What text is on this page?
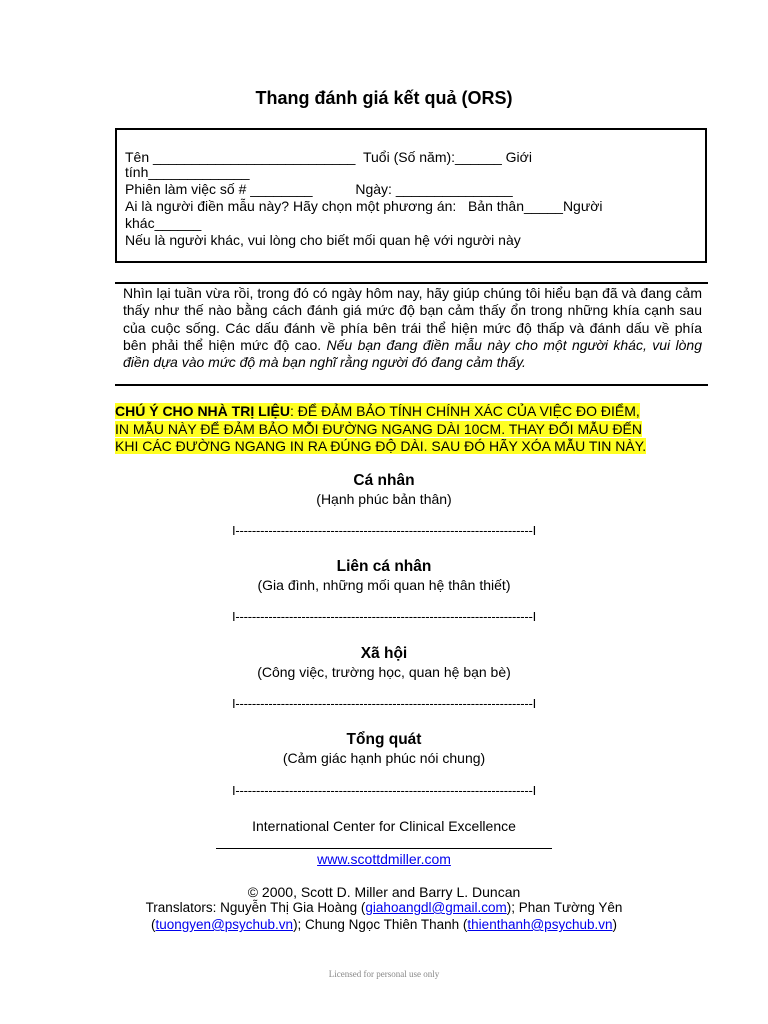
Thang đánh giá kết quả (ORS)
Tên __________________________  Tuổi (Số năm):______ Giới
tính_____________
Phiên làm việc số # ________           Ngày: _______________
Ai là người điền mẫu này? Hãy chọn một phương án:   Bản thân_____Người
khác______
Nếu là người khác, vui lòng cho biết mối quan hệ với người này
____________________
Nhìn lại tuần vừa rồi, trong đó có ngày hôm nay, hãy giúp chúng tôi hiểu bạn đã và đang cảm thấy như thế nào bằng cách đánh giá mức độ bạn cảm thấy ổn trong những khía cạnh sau của cuộc sống. Các dấu đánh về phía bên trái thể hiện mức độ thấp và đánh dấu về phía bên phải thể hiện mức độ cao. Nếu bạn đang điền mẫu này cho một người khác, vui lòng điền dựa vào mức độ mà bạn nghĩ rằng người đó đang cảm thấy.
CHÚ Ý CHO NHÀ TRỊ LIỆU: ĐỂ ĐẢM BẢO TÍNH CHÍNH XÁC CỦA VIỆC ĐO ĐIỂM, IN MẪU NÀY ĐỂ ĐẢM BẢO MỖI ĐƯỜNG NGANG DÀI 10CM. THAY ĐỔI MẪU ĐẾN KHI CÁC ĐƯỜNG NGANG IN RA ĐÚNG ĐỘ DÀI. SAU ĐÓ HÃY XÓA MẪU TIN NÀY.
Cá nhân
(Hạnh phúc bản thân)
I------------------------------------------------------------------------I
Liên cá nhân
(Gia đình, những mối quan hệ thân thiết)
I------------------------------------------------------------------------I
Xã hội
(Công việc, trường học, quan hệ bạn bè)
I------------------------------------------------------------------------I
Tổng quát
(Cảm giác hạnh phúc nói chung)
I------------------------------------------------------------------------I
International Center for Clinical Excellence
www.scottdmiller.com
© 2000, Scott D. Miller and Barry L. Duncan
Translators: Nguyễn Thị Gia Hoàng (giahoangdl@gmail.com); Phan Tường Yên
(tuongyen@psychub.vn); Chung Ngọc Thiên Thanh (thienthanh@psychub.vn)
Licensed for personal use only
